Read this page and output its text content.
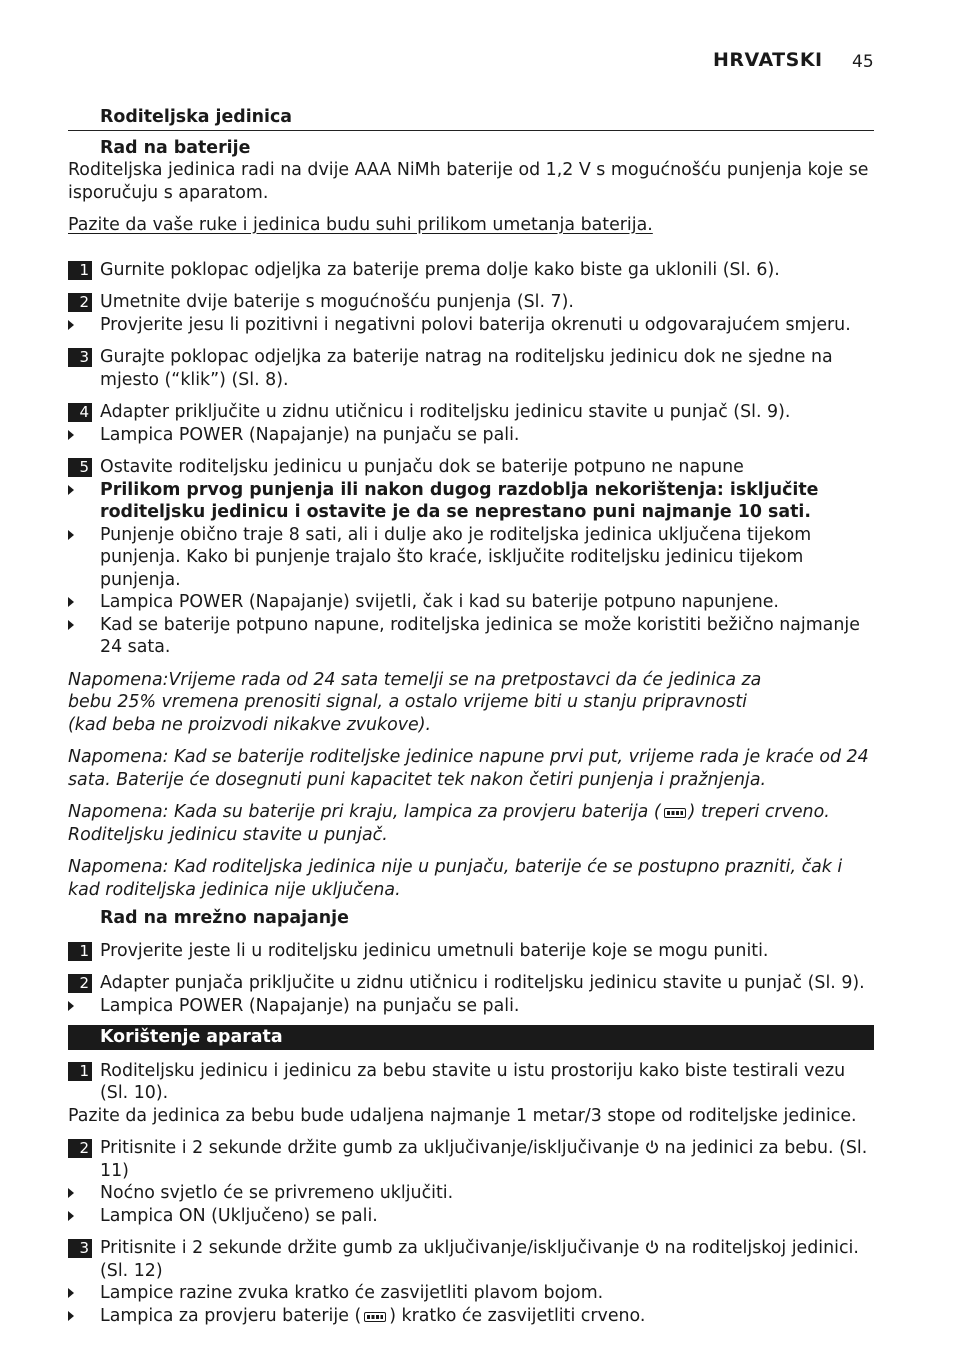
HRVATSKI 45
Roditeljska jedinica
Rad na baterije

Roditeljska jedinica radi na dvije AAA NiMh baterije od 1,2 V s mogućnošću punjenja koje se isporučuju s aparatom.

Pazite da vaše ruke i jedinica budu suhi prilikom umetanja baterija.

1 Gurnite poklopac odjeljka za baterije prema dolje kako biste ga uklonili (Sl. 6).
2 Umetnite dvije baterije s mogućnošću punjenja (Sl. 7).
Provjerite jesu li pozitivni i negativni polovi baterija okrenuti u odgovarajućem smjeru.
3 Gurajte poklopac odjeljka za baterije natrag na roditeljsku jedinicu dok ne sjedne na mjesto (“klik”) (Sl. 8).
4 Adapter priključite u zidnu utičnicu i roditeljsku jedinicu stavite u punjač (Sl. 9).
Lampica POWER (Napajanje) na punjaču se pali.
5 Ostavite roditeljsku jedinicu u punjaču dok se baterije potpuno ne napune
Prilikom prvog punjenja ili nakon dugog razdoblja nekorištenja: isključite roditeljsku jedinicu i ostavite je da se neprestano puni najmanje 10 sati.
Punjenje obično traje 8 sati, ali i dulje ako je roditeljska jedinica uključena tijekom punjenja. Kako bi punjenje trajalo što kraće, isključite roditeljsku jedinicu tijekom punjenja.
Lampica POWER (Napajanje) svijetli, čak i kad su baterije potpuno napunjene.
Kad se baterije potpuno napune, roditeljska jedinica se može koristiti bežično najmanje 24 sata.

Napomena:Vrijeme rada od 24 sata temelji se na pretpostavci da će jedinica za bebu 25% vremena prenositi signal, a ostalo vrijeme biti u stanju pripravnosti (kad beba ne proizvodi nikakve zvukove).

Napomena: Kad se baterije roditeljske jedinice napune prvi put, vrijeme rada je kraće od 24 sata. Baterije će dosegnuti puni kapacitet tek nakon četiri punjenja i pražnjenja.

Napomena: Kada su baterije pri kraju, lampica za provjeru baterija ( ) treperi crveno. Roditeljsku jedinicu stavite u punjač.

Napomena: Kad roditeljska jedinica nije u punjaču, baterije će se postupno prazniti, čak i kad roditeljska jedinica nije uključena.

Rad na mrežno napajanje
1 Provjerite jeste li u roditeljsku jedinicu umetnuli baterije koje se mogu puniti.
2 Adapter punjača priključite u zidnu utičnicu i roditeljsku jedinicu stavite u punjač (Sl. 9).
Lampica POWER (Napajanje) na punjaču se pali.
Korištenje aparata
1 Roditeljsku jedinicu i jedinicu za bebu stavite u istu prostoriju kako biste testirali vezu (Sl. 10).

Pazite da jedinica za bebu bude udaljena najmanje 1 metar/3 stope od roditeljske jedinice.

2 Pritisnite i 2 sekunde držite gumb za uključivanje/isključivanje na jedinici za bebu. (Sl. 11)
Noćno svjetlo će se privremeno uključiti.
Lampica ON (Uključeno) se pali.
3 Pritisnite i 2 sekunde držite gumb za uključivanje/isključivanje na roditeljskoj jedinici. (Sl. 12)
Lampice razine zvuka kratko će zasvijetliti plavom bojom.
Lampica za provjeru baterije ( ) kratko će zasvijetliti crveno.
